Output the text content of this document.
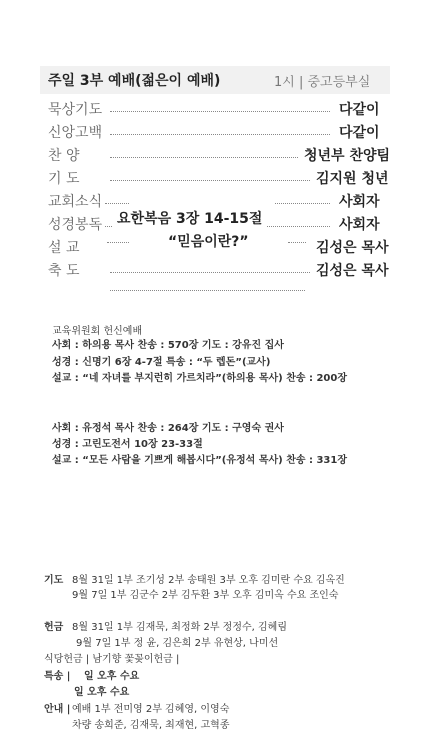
주일 3부 예배(젊은이 예배)	1시 | 중고등부실
묵상기도	다같이
신앙고백	다같이
찬 양	청년부 찬양팀
기 도	김지원 청년
교회소식	사회자
성경봉독 요한복음 3장 14-15절	사회자
설 교	“믿음이란?”	김성은 목사
축 도	김성은 목사
교육위원회 헌신예배
사회 : 하의용 목사 찬송 : 570장 기도 : 강유진 집사
성경 : 신명기 6장 4-7절 특송 : “두 렙돈”(교사)
설교 : “네 자녀를 부지런히 가르치라”(하의용 목사) 찬송 : 200장
사회 : 유정석 목사 찬송 : 264장 기도 : 구영숙 권사
성경 : 고린도전서 10장 23-33절
설교 : “모든 사람을 기쁘게 해봅시다”(유정석 목사) 찬송 : 331장
기도 8월 31일 1부 조기성 2부 송태원 3부 오후 김미란 수요 김옥진
9월 7일 1부 김군수 2부 김두환 3부 오후 김미옥 수요 조인숙
헌금 8월 31일 1부 김재묵, 최정화 2부 정정수, 김혜림
9월 7일 1부 정 윤, 김은희 2부 유현상, 나미선
식당헌금 | 남기향 꽃꽂이헌금 |
특송 | 일 오후 수요
일 오후 수요
안내 | 예배 1부 전미영 2부 김혜영, 이영숙
차량 송희준, 김재묵, 최재현, 고혁종
